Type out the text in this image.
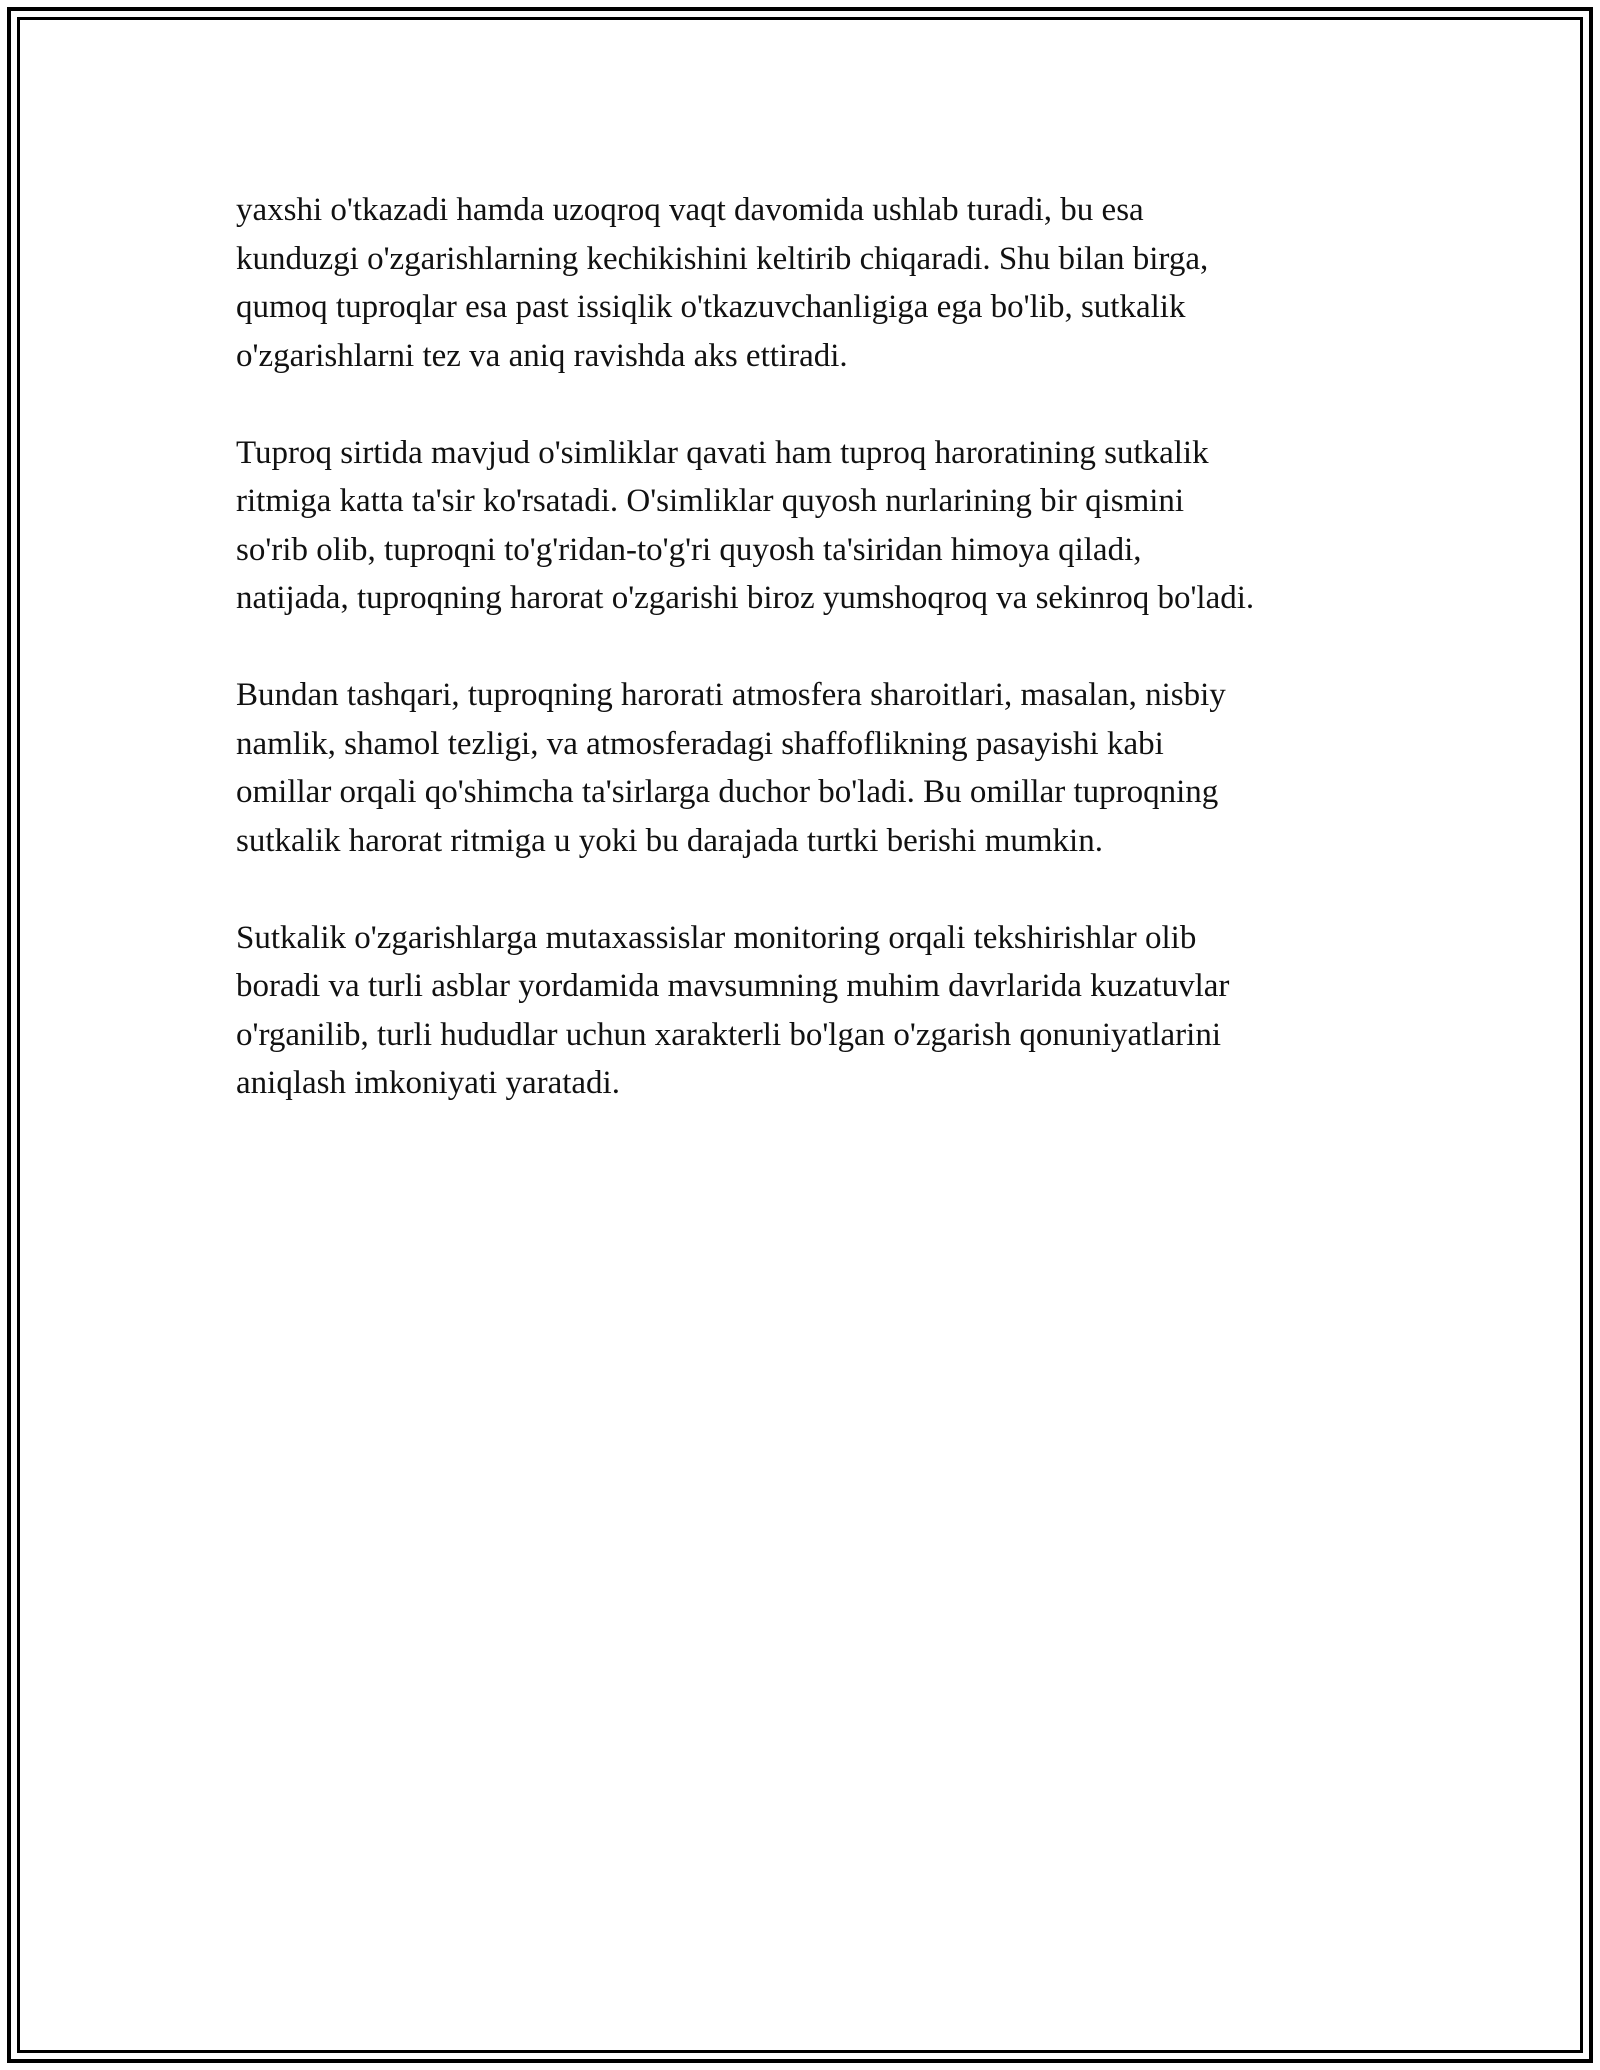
yaxshi o'tkazadi hamda uzoqroq vaqt davomida ushlab turadi, bu esa
kunduzgi o'zgarishlarning kechikishini keltirib chiqaradi. Shu bilan birga,
qumoq tuproqlar esa past issiqlik o'tkazuvchanligiga ega bo'lib, sutkalik
o'zgarishlarni tez va aniq ravishda aks ettiradi.

Tuproq sirtida mavjud o'simliklar qavati ham tuproq haroratining sutkalik
ritmiga katta ta'sir ko'rsatadi. O'simliklar quyosh nurlarining bir qismini
so'rib olib, tuproqni to'g'ridan-to'g'ri quyosh ta'siridan himoya qiladi,
natijada, tuproqning harorat o'zgarishi biroz yumshoqroq va sekinroq bo'ladi.

Bundan tashqari, tuproqning harorati atmosfera sharoitlari, masalan, nisbiy
namlik, shamol tezligi, va atmosferadagi shaffoflikning pasayishi kabi
omillar orqali qo'shimcha ta'sirlarga duchor bo'ladi. Bu omillar tuproqning
sutkalik harorat ritmiga u yoki bu darajada turtki berishi mumkin.

Sutkalik o'zgarishlarga mutaxassislar monitoring orqali tekshirishlar olib
boradi va turli asblar yordamida mavsumning muhim davrlarida kuzatuvlar
o'rganilib, turli hududlar uchun xarakterli bo'lgan o'zgarish qonuniyatlarini
aniqlash imkoniyati yaratadi.
